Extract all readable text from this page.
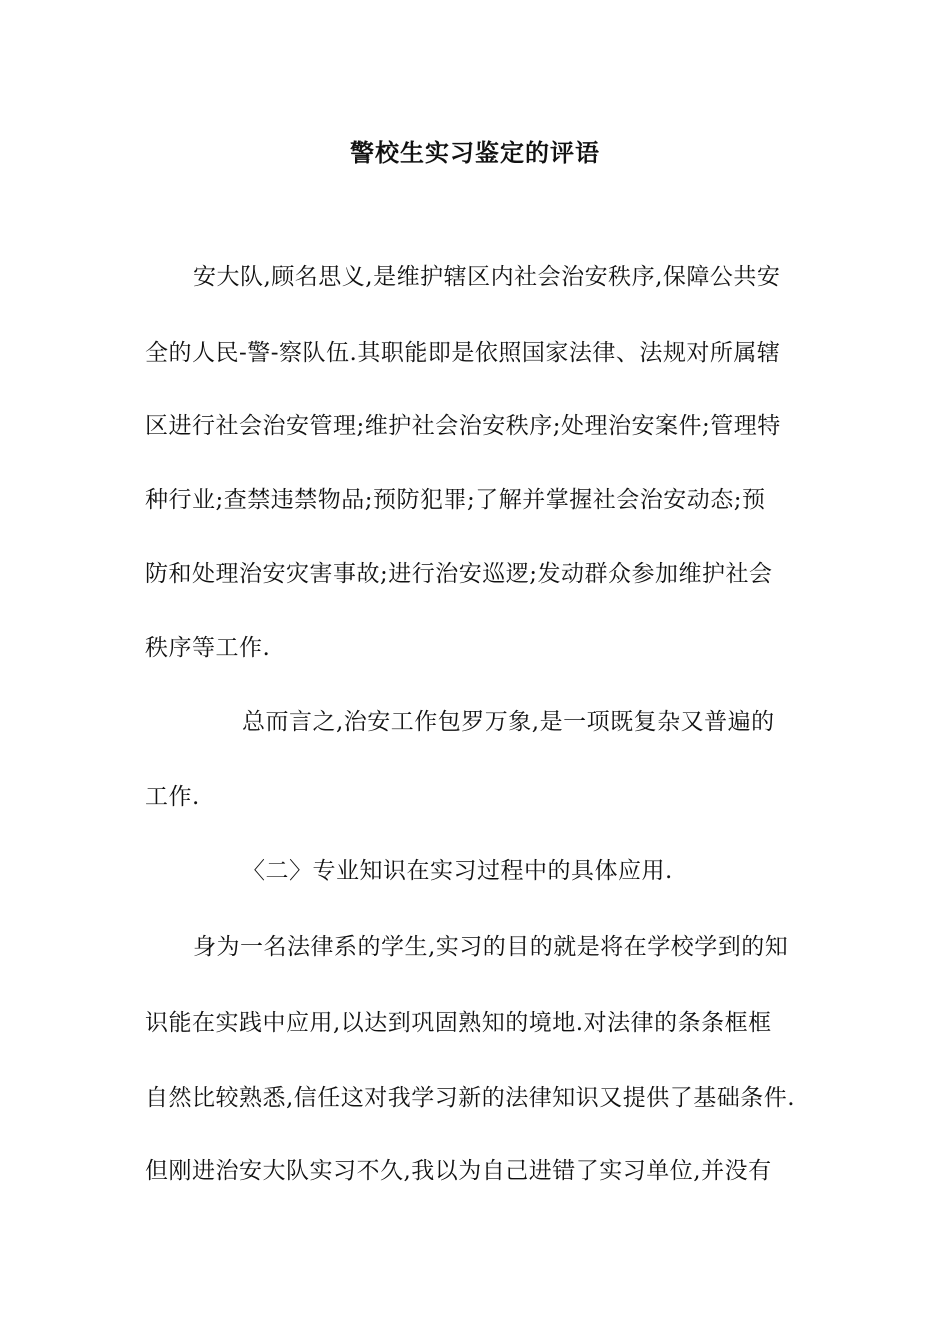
警校生实习鉴定的评语
安大队,顾名思义,是维护辖区内社会治安秩序,保障公共安
全的人民-警-察队伍.其职能即是依照国家法律、法规对所属辖
区进行社会治安管理;维护社会治安秩序;处理治安案件;管理特
种行业;查禁违禁物品;预防犯罪;了解并掌握社会治安动态;预
防和处理治安灾害事故;进行治安巡逻;发动群众参加维护社会
秩序等工作.
总而言之,治安工作包罗万象,是一项既复杂又普遍的
工作.
〈二〉专业知识在实习过程中的具体应用.
身为一名法律系的学生,实习的目的就是将在学校学到的知
识能在实践中应用,以达到巩固熟知的境地.对法律的条条框框
自然比较熟悉,信任这对我学习新的法律知识又提供了基础条件.
但刚进治安大队实习不久,我以为自己进错了实习单位,并没有
